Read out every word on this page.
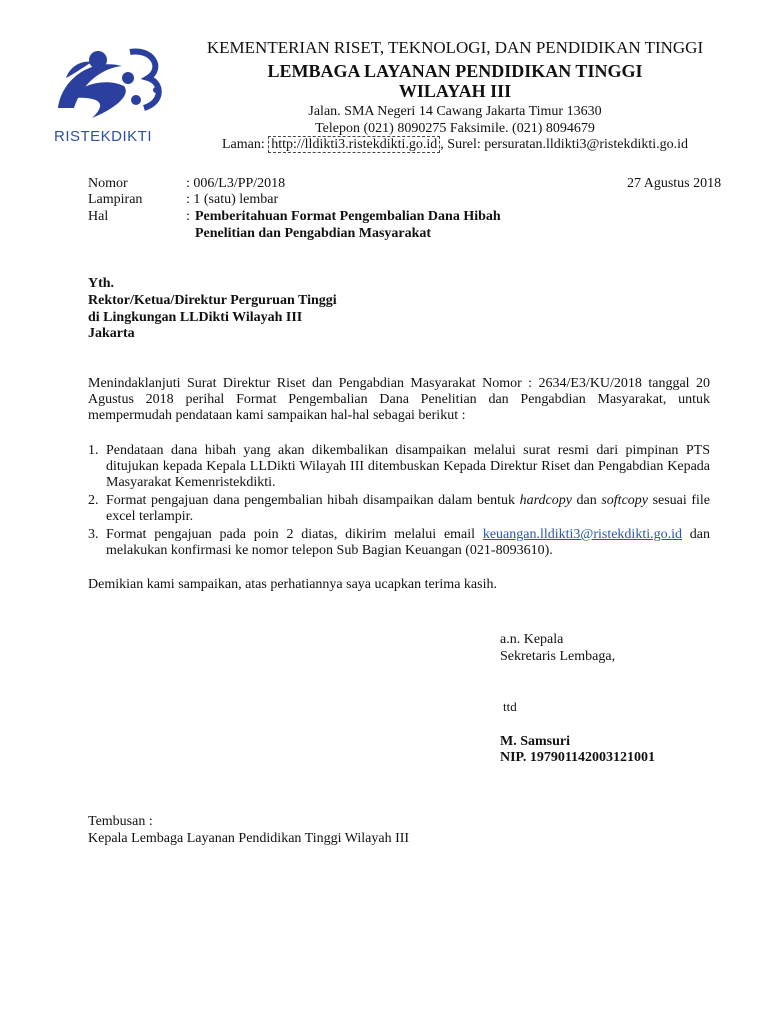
RISTEKDIKTI
KEMENTERIAN RISET, TEKNOLOGI, DAN PENDIDIKAN TINGGI
LEMBAGA LAYANAN PENDIDIKAN TINGGI
WILAYAH III
Jalan. SMA Negeri 14 Cawang Jakarta Timur 13630
Telepon (021) 8090275 Faksimile. (021) 8094679
Laman: http://lldikti3.ristekdikti.go.id , Surel: persuratan.lldikti3@ristekdikti.go.id
Nomor	: 006/L3/PP/2018	27 Agustus 2018
Lampiran	: 1 (satu) lembar
Hal	: Pemberitahuan Format Pengembalian Dana Hibah
Penelitian dan Pengabdian Masyarakat
Yth.
Rektor/Ketua/Direktur Perguruan Tinggi
di Lingkungan LLDikti Wilayah III
Jakarta
Menindaklanjuti Surat Direktur Riset dan Pengabdian Masyarakat Nomor : 2634/E3/KU/2018 tanggal 20 Agustus 2018 perihal Format Pengembalian Dana Penelitian dan Pengabdian Masyarakat, untuk mempermudah pendataan kami sampaikan hal-hal sebagai berikut :
1. Pendataan dana hibah yang akan dikembalikan disampaikan melalui surat resmi dari pimpinan PTS ditujukan kepada Kepala LLDikti Wilayah III ditembuskan Kepada Direktur Riset dan Pengabdian Kepada Masyarakat Kemenristekdikti.
2. Format pengajuan dana pengembalian hibah disampaikan dalam bentuk hardcopy dan softcopy sesuai file excel terlampir.
3. Format pengajuan pada poin 2 diatas, dikirim melalui email keuangan.lldikti3@ristekdikti.go.id dan melakukan konfirmasi ke nomor telepon Sub Bagian Keuangan (021-8093610).
Demikian kami sampaikan, atas perhatiannya saya ucapkan terima kasih.
a.n. Kepala
Sekretaris Lembaga,
ttd
M. Samsuri
NIP. 197901142003121001
Tembusan :
Kepala Lembaga Layanan Pendidikan Tinggi Wilayah III
